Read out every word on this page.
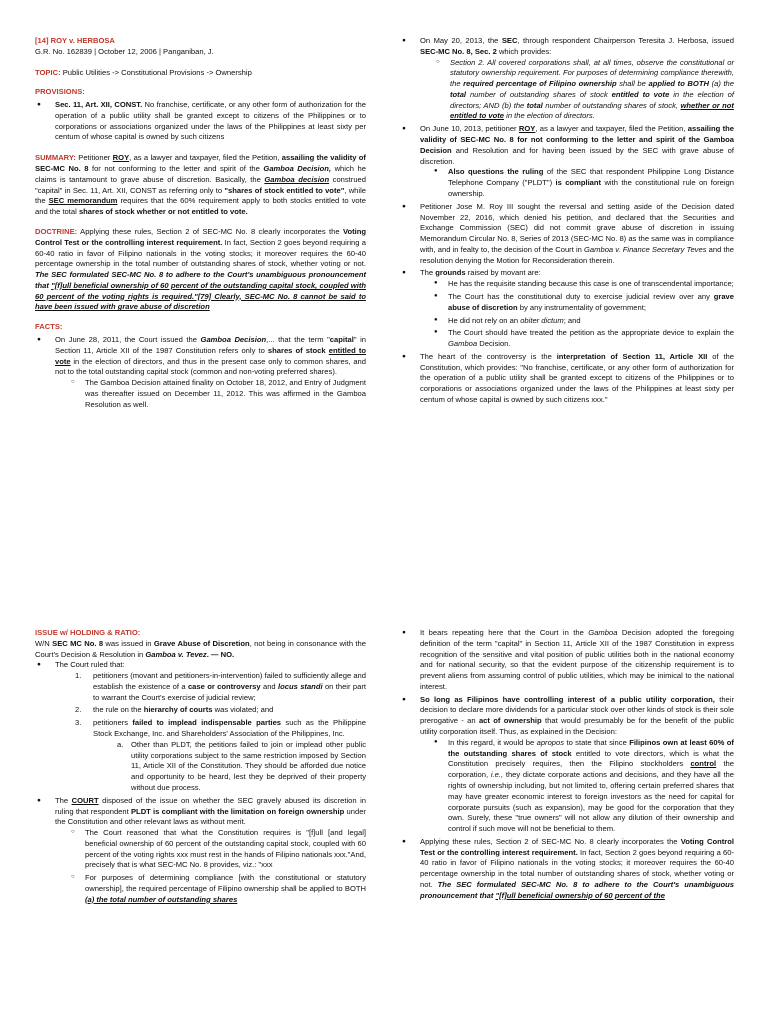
[14] ROY v. HERBOSA
G.R. No. 162839 | October 12, 2006 | Panganiban, J.

TOPIC: Public Utilities -> Constitutional Provisions -> Ownership

PROVISIONS:
● Sec. 11, Art. XII, CONST. No franchise, certificate, or any other form of authorization for the operation of a public utility shall be granted except to citizens of the Philippines or to corporations or associations organized under the laws of the Philippines at least sixty per centum of whose capital is owned by such citizens

SUMMARY: Petitioner ROY, as a lawyer and taxpayer, filed the Petition, assailing the validity of SEC-MC No. 8 for not conforming to the letter and spirit of the Gamboa Decision, which he claims is tantamount to grave abuse of discretion. Basically, the Gamboa decision construed "capital" in Sec. 11, Art. XII, CONST as referring only to "shares of stock entitled to vote", while the SEC memorandum requires that the 60% requirement apply to both stocks entitled to vote and the total shares of stock whether or not entitled to vote.

DOCTRINE: Applying these rules, Section 2 of SEC-MC No. 8 clearly incorporates the Voting Control Test or the controlling interest requirement. In fact, Section 2 goes beyond requiring a 60-40 ratio in favor of Filipino nationals in the voting stocks; it moreover requires the 60-40 percentage ownership in the total number of outstanding shares of stock, whether voting or not. The SEC formulated SEC-MC No. 8 to adhere to the Court's unambiguous pronouncement that "[f]ull beneficial ownership of 60 percent of the outstanding capital stock, coupled with 60 percent of the voting rights is required."[79] Clearly, SEC-MC No. 8 cannot be said to have been issued with grave abuse of discretion

FACTS:
● On June 28, 2011, the Court issued the Gamboa Decision,... that the term "capital" in Section 11, Article XII of the 1987 Constitution refers only to shares of stock entitled to vote in the election of directors, and thus in the present case only to common shares, and not to the total outstanding capital stock (common and non-voting preferred shares).
○ The Gamboa Decision attained finality on October 18, 2012, and Entry of Judgment was thereafter issued on December 11, 2012. This was affirmed in the Gamboa Resolution as well.
● On May 20, 2013, the SEC, through respondent Chairperson Teresita J. Herbosa, issued SEC-MC No. 8, Sec. 2 which provides:
○ Section 2. All covered corporations shall, at all times, observe the constitutional or statutory ownership requirement. For purposes of determining compliance therewith, the required percentage of Filipino ownership shall be applied to BOTH (a) the total number of outstanding shares of stock entitled to vote in the election of directors; AND (b) the total number of outstanding shares of stock, whether or not entitled to vote in the election of directors.
● On June 10, 2013, petitioner ROY, as a lawyer and taxpayer, filed the Petition, assailing the validity of SEC-MC No. 8 for not conforming to the letter and spirit of the Gamboa Decision and Resolution and for having been issued by the SEC with grave abuse of discretion.
● Also questions the ruling of the SEC that respondent Philippine Long Distance Telephone Company ("PLDT") is compliant with the constitutional rule on foreign ownership.
● Petitioner Jose M. Roy III sought the reversal and setting aside of the Decision dated November 22, 2016, which denied his petition, and declared that the Securities and Exchange Commission (SEC) did not commit grave abuse of discretion in issuing Memorandum Circular No. 8, Series of 2013 (SEC-MC No. 8) as the same was in compliance with, and in fealty to, the decision of the Court in Gamboa v. Finance Secretary Teves and the resolution denying the Motion for Reconsideration therein.
● The grounds raised by movant are:
● He has the requisite standing because this case is one of transcendental importance;
● The Court has the constitutional duty to exercise judicial review over any grave abuse of discretion by any instrumentality of government;
● He did not rely on an obiter dictum; and
● The Court should have treated the petition as the appropriate device to explain the Gamboa Decision.
● The heart of the controversy is the interpretation of Section 11, Article XII of the Constitution, which provides: "No franchise, certificate, or any other form of authorization for the operation of a public utility shall be granted except to citizens of the Philippines or to corporations or associations organized under the laws of the Philippines at least sixty per centum of whose capital is owned by such citizens xxx."
ISSUE w/ HOLDING & RATIO:
W/N SEC MC No. 8 was issued in Grave Abuse of Discretion, not being in consonance with the Court's Decision & Resolution in Gamboa v. Tevez. — NO.
● The Court ruled that:
1. petitioners (movant and petitioners-in-intervention) failed to sufficiently allege and establish the existence of a case or controversy and locus standi on their part to warrant the Court's exercise of judicial review;
2. the rule on the hierarchy of courts was violated; and
3. petitioners failed to implead indispensable parties such as the Philippine Stock Exchange, Inc. and Shareholders' Association of the Philippines, Inc.
a. Other than PLDT, the petitions failed to join or implead other public utility corporations subject to the same restriction imposed by Section 11, Article XII of the Constitution. They should be afforded due notice and opportunity to be heard, lest they be deprived of their property without due process.
● The COURT disposed of the issue on whether the SEC gravely abused its discretion in ruling that respondent PLDT is compliant with the limitation on foreign ownership under the Constitution and other relevant laws as without merit.
○ The Court reasoned that what the Constitution requires is "[f]ull [and legal] beneficial ownership of 60 percent of the outstanding capital stock, coupled with 60 percent of the voting rights xxx must rest in the hands of Filipino nationals xxx."And, precisely that is what SEC-MC No. 8 provides, viz.: "xxx
○ For purposes of determining compliance [with the constitutional or statutory ownership], the required percentage of Filipino ownership shall be applied to BOTH (a) the total number of outstanding shares
● It bears repeating here that the Court in the Gamboa Decision adopted the foregoing definition of the term "capital" in Section 11, Article XII of the 1987 Constitution in express recognition of the sensitive and vital position of public utilities both in the national economy and for national security, so that the evident purpose of the citizenship requirement is to prevent aliens from assuming control of public utilities, which may be inimical to the national interest.
● So long as Filipinos have controlling interest of a public utility corporation, their decision to declare more dividends for a particular stock over other kinds of stock is their sole prerogative - an act of ownership that would presumably be for the benefit of the public utility corporation itself. Thus, as explained in the Decision:
● In this regard, it would be apropos to state that since Filipinos own at least 60% of the outstanding shares of stock entitled to vote directors, which is what the Constitution precisely requires, then the Filipino stockholders control the corporation, i.e., they dictate corporate actions and decisions, and they have all the rights of ownership including, but not limited to, offering certain preferred shares that may have greater economic interest to foreign investors as the need for capital for corporate pursuits (such as expansion), may be good for the corporation that they own. Surely, these "true owners" will not allow any dilution of their ownership and control if such move will not be beneficial to them.
● Applying these rules, Section 2 of SEC-MC No. 8 clearly incorporates the Voting Control Test or the controlling interest requirement. In fact, Section 2 goes beyond requiring a 60-40 ratio in favor of Filipino nationals in the voting stocks; it moreover requires the 60-40 percentage ownership in the total number of outstanding shares of stock, whether voting or not. The SEC formulated SEC-MC No. 8 to adhere to the Court's unambiguous pronouncement that "[f]ull beneficial ownership of 60 percent of the
